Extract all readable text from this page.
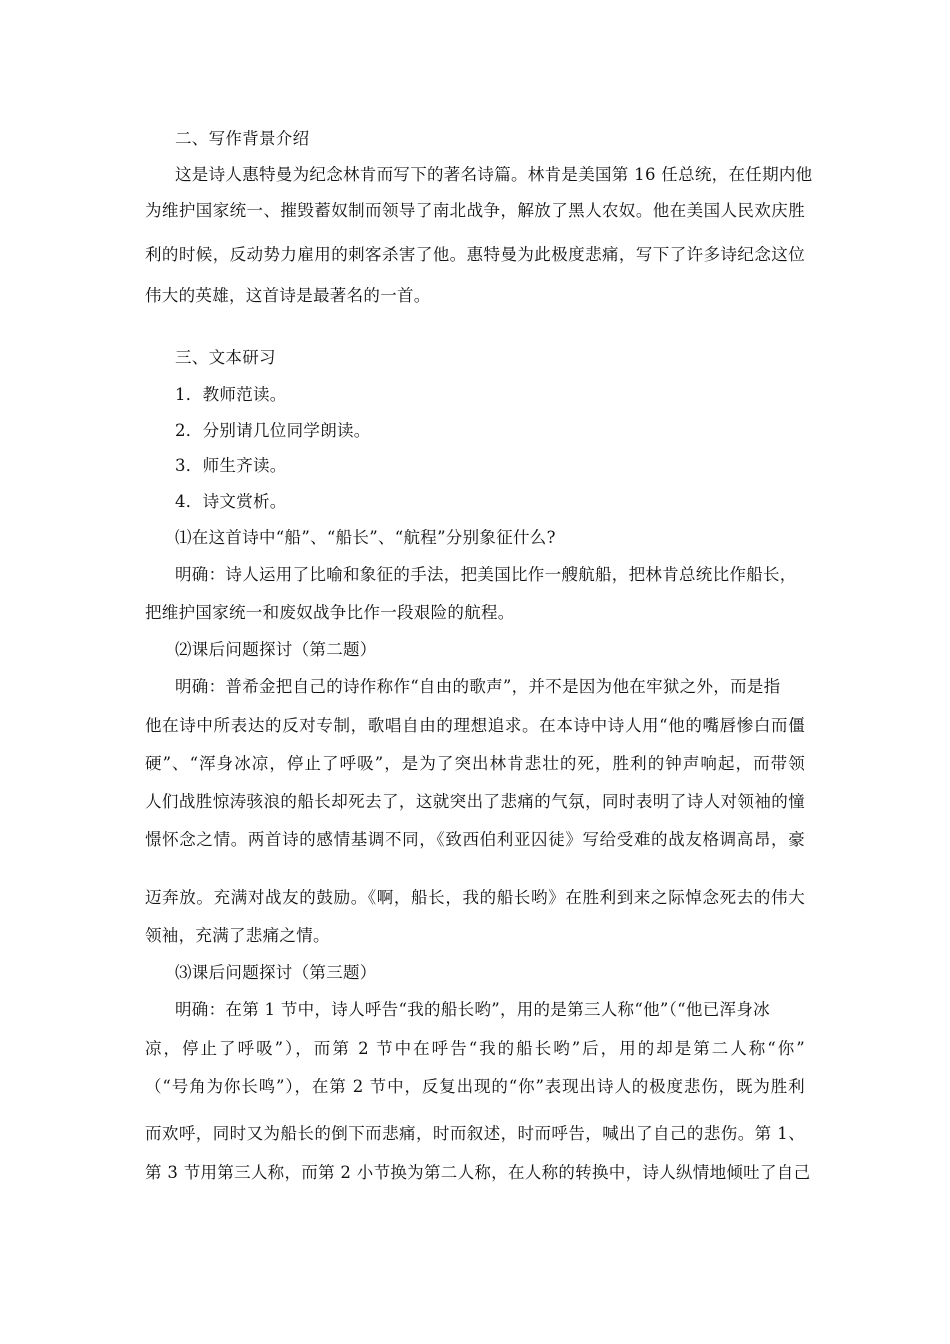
二、写作背景介绍
这是诗人惠特曼为纪念林肯而写下的著名诗篇。林肯是美国第 16 任总统，在任期内他
为维护国家统一、摧毁蓄奴制而领导了南北战争，解放了黑人农奴。他在美国人民欢庆胜
利的时候，反动势力雇用的刺客杀害了他。惠特曼为此极度悲痛，写下了许多诗纪念这位
伟大的英雄，这首诗是最著名的一首。
三、文本研习
1．教师范读。
2．分别请几位同学朗读。
3．师生齐读。
4．诗文赏析。
⑴在这首诗中“船”、“船长”、“航程”分别象征什么?
明确：诗人运用了比喻和象征的手法，把美国比作一艘航船，把林肯总统比作船长，
把维护国家统一和废奴战争比作一段艰险的航程。
⑵课后问题探讨（第二题）
明确：普希金把自己的诗作称作“自由的歌声”，并不是因为他在牢狱之外，而是指
他在诗中所表达的反对专制，歌唱自由的理想追求。在本诗中诗人用“他的嘴唇惨白而僵
硬”、“浑身冰凉，停止了呼吸”，是为了突出林肯悲壮的死，胜利的钟声响起，而带领
人们战胜惊涛骇浪的船长却死去了，这就突出了悲痛的气氛，同时表明了诗人对领袖的憧
憬怀念之情。两首诗的感情基调不同，《致西伯利亚囚徒》写给受难的战友格调高昂，豪
迈奔放。充满对战友的鼓励。《啊，船长，我的船长哟》在胜利到来之际悼念死去的伟大
领袖，充满了悲痛之情。
⑶课后问题探讨（第三题）
明确：在第 1 节中，诗人呼告“我的船长哟”，用的是第三人称“他”（“他已浑身冰
凉，停止了呼吸”），而第 2 节中在呼告“我的船长哟”后，用的却是第二人称“你”
（“号角为你长鸣”），在第 2 节中，反复出现的“你”表现出诗人的极度悲伤，既为胜利
而欢呼，同时又为船长的倒下而悲痛，时而叙述，时而呼告，喊出了自己的悲伤。第 1、
第 3 节用第三人称，而第 2 小节换为第二人称，在人称的转换中，诗人纵情地倾吐了自己
